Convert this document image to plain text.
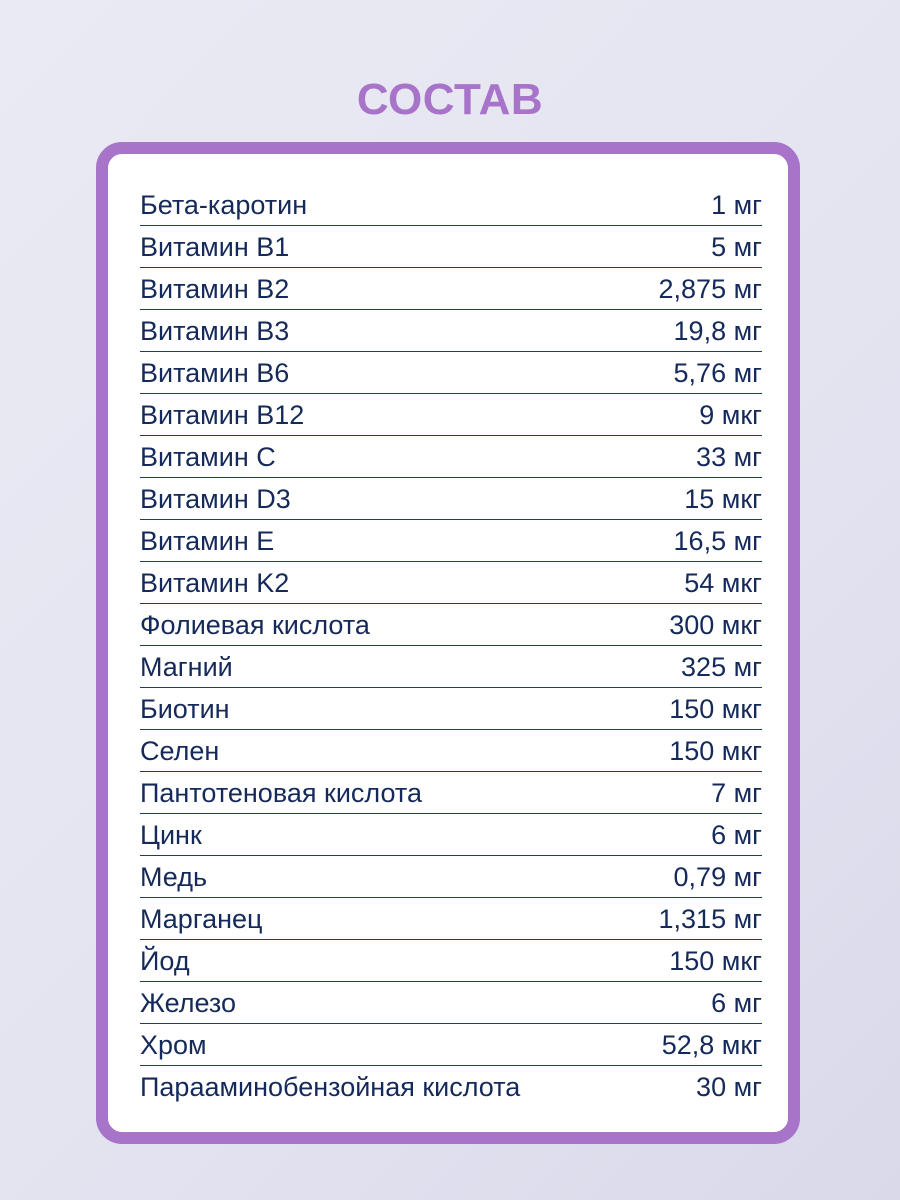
СОСТАВ
Бета-каротин	1 мг
Витамин B1	5 мг
Витамин B2	2,875 мг
Витамин B3	19,8 мг
Витамин B6	5,76 мг
Витамин B12	9 мкг
Витамин C	33 мг
Витамин D3	15 мкг
Витамин E	16,5 мг
Витамин K2	54 мкг
Фолиевая кислота	300 мкг
Магний	325 мг
Биотин	150 мкг
Селен	150 мкг
Пантотеновая кислота	7 мг
Цинк	6 мг
Медь	0,79 мг
Марганец	1,315 мг
Йод	150 мкг
Железо	6 мг
Хром	52,8 мкг
Парааминобензойная кислота	30 мг
